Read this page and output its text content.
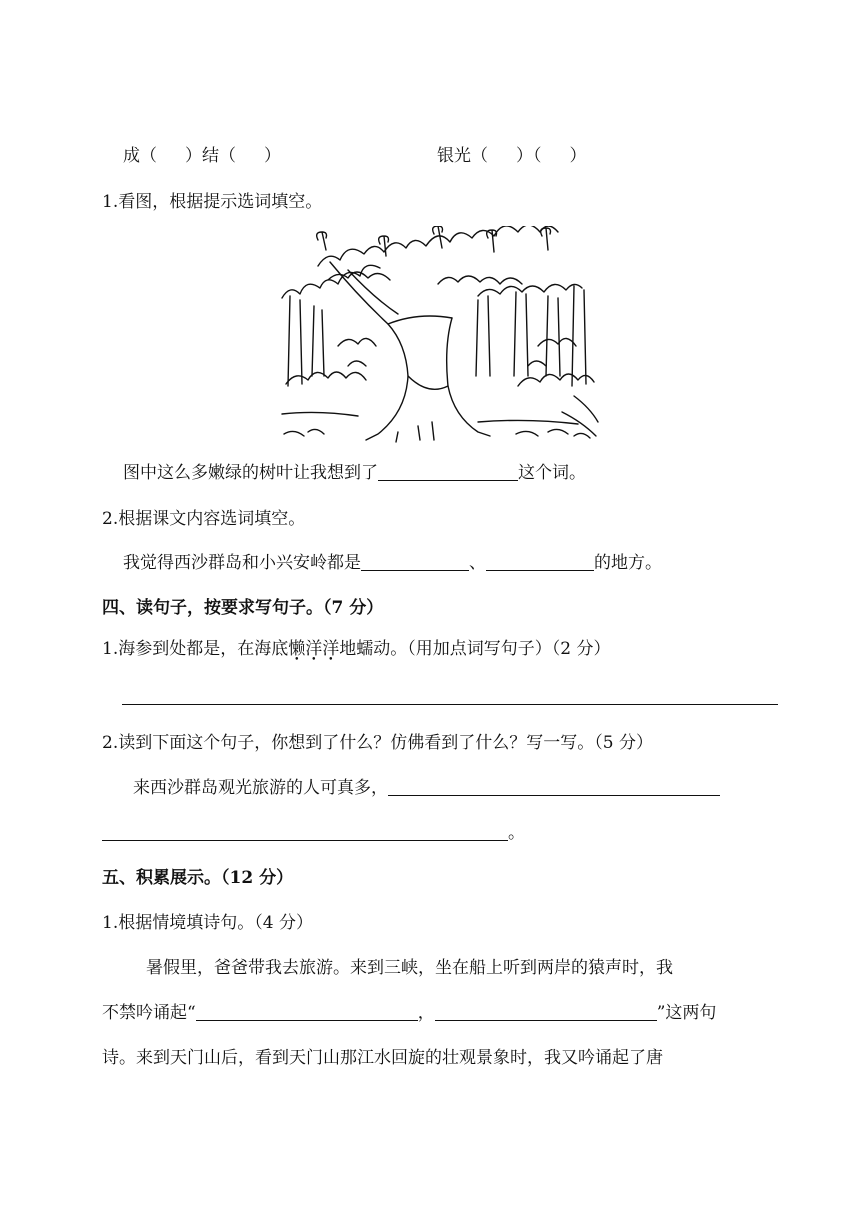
成（ ）结（ ）	银光（ ）（ ）
1.看图，根据提示选词填空。
图中这么多嫩绿的树叶让我想到了	这个词。
2.根据课文内容选词填空。
我觉得西沙群岛和小兴安岭都是	、	的地方。
四、读句子，按要求写句子。（7 分）
1.海参到处都是，在海底懒洋洋地蠕动。（用加点词写句子）（2 分）
2.读到下面这个句子，你想到了什么？仿佛看到了什么？写一写。（5 分）
来西沙群岛观光旅游的人可真多，
。
五、积累展示。（12 分）
1.根据情境填诗句。（4 分）
暑假里，爸爸带我去旅游。来到三峡，坐在船上听到两岸的猿声时，我
不禁吟诵起“	，	”这两句
诗。来到天门山后，看到天门山那江水回旋的壮观景象时，我又吟诵起了唐
